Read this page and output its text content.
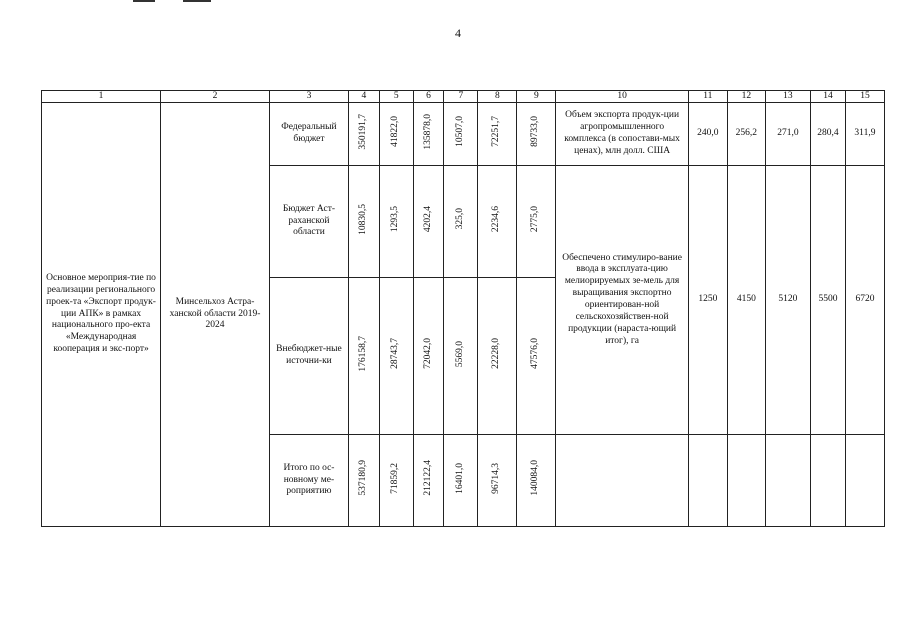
4
1	2	3	4	5	6	7	8	9	10	11	12	13	14	15
Основное мероприя-тие по реализации регионального проек-та «Экспорт продук-ции АПК» в рамках национального про-екта «Международная кооперация и экс-порт»	Минсельхоз Астра-ханской области 2019-2024	Федеральный бюджет	350191,7	41822,0	135878,0	10507,0	72251,7	89733,0	Объем экспорта продук-ции агропромышленного комплекса (в сопостави-мых ценах), млн долл. США	240,0	256,2	271,0	280,4	311,9
		Бюджет Аст-раханской области	10830,5	1293,5	4202,4	325,0	2234,6	2775,0	Обеспечено стимулиро-вание ввода в эксплуата-цию мелиорируемых зе-мель для выращивания экспортно ориентирован-ной сельскохозяйствен-ной продукции (нараста-ющий итог), га	1250	4150	5120	5500	6720
		Внебюджет-ные источни-ки	176158,7	28743,7	72042,0	5569,0	22228,0	47576,0						
		Итого по ос-новному ме-роприятию	537180,9	71859,2	212122,4	16401,0	96714,3	140084,0						
